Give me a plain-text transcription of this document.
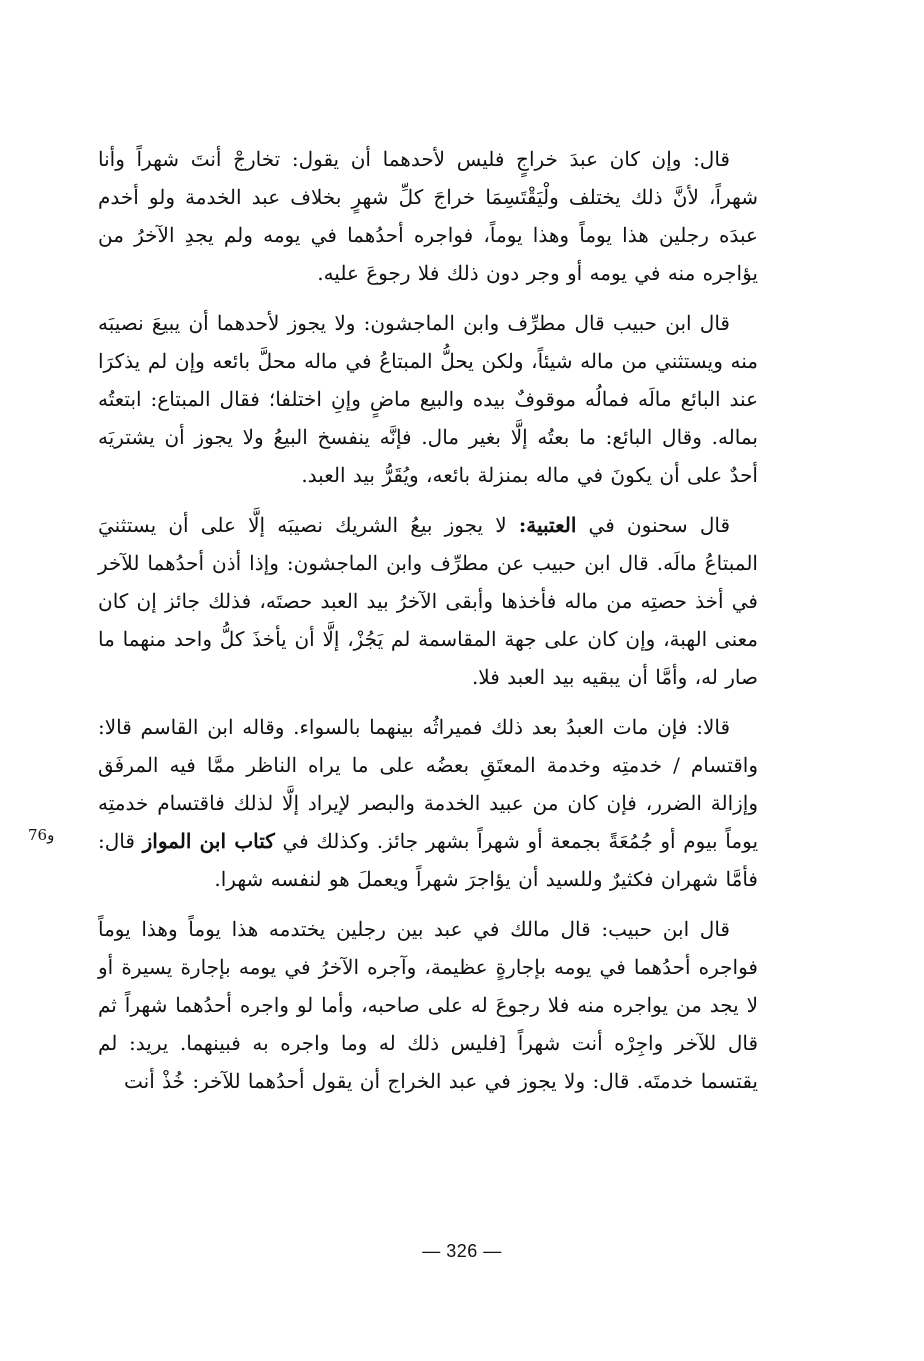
قال: وإن كان عبدَ خراجٍ فليس لأحدهما أن يقول: تخارجْ أنتَ شهراً وأنا شهراً، لأنَّ ذلك يختلف ولْيَقْتَسِمَا خراجَ كلِّ شهرٍ بخلاف عبد الخدمة ولو أخدم عبدَه رجلين هذا يوماً وهذا يوماً، فواجره أحدُهما في يومه ولم يجدِ الآخرُ من يؤاجره منه في يومه أو وجر دون ذلك فلا رجوعَ عليه.

قال ابن حبيب قال مطرِّف وابن الماجشون: ولا يجوز لأحدهما أن يبيعَ نصيبَه منه ويستثني من ماله شيئاً، ولكن يحلُّ المبتاعُ في ماله محلَّ بائعه وإن لم يذكرَا عند البائع مالَه فمالُه موقوفٌ بيده والبيع ماضٍ وإنِ اختلفا؛ فقال المبتاع: ابتعتُه بماله. وقال البائع: ما بعتُه إلَّا بغير مال. فإنَّه ينفسخ البيعُ ولا يجوز أن يشتريَه أحدٌ على أن يكونَ في ماله بمنزلة بائعه، ويُقَرُّ بيد العبد.

قال سحنون في العتبية: لا يجوز بيعُ الشريك نصيبَه إلَّا على أن يستثنيَ المبتاعُ مالَه. قال ابن حبيب عن مطرِّف وابن الماجشون: وإذا أذن أحدُهما للآخر في أخذ حصتِه من ماله فأخذها وأبقى الآخرُ بيد العبد حصتَه، فذلك جائز إن كان معنى الهبة، وإن كان على جهة المقاسمة لم يَجُزْ، إلَّا أن يأخذَ كلُّ واحد منهما ما صار له، وأمَّا أن يبقيه بيد العبد فلا.

قالا: فإن مات العبدُ بعد ذلك فميراثُه بينهما بالسواء. وقاله ابن القاسم قالا: واقتسام / خدمتِه وخدمة المعتَقِ بعضُه على ما يراه الناظر ممَّا فيه المرفَق وإزالة الضرر، فإن كان من عبيد الخدمة والبصر لإيراد إلَّا لذلك فاقتسام خدمتِه يوماً بيوم أو جُمُعَةً بجمعة أو شهراً بشهر جائز. وكذلك في كتاب ابن المواز قال: فأمَّا شهران فكثيرٌ وللسيد أن يؤاجرَ شهراً ويعملَ هو لنفسه شهرا.

قال ابن حبيب: قال مالك في عبد بين رجلين يختدمه هذا يوماً وهذا يوماً فواجره أحدُهما في يومه بإجارةٍ عظيمة، وآجره الآخرُ في يومه بإجارة يسيرة أو لا يجد من يواجره منه فلا رجوعَ له على صاحبه، وأما لو واجره أحدُهما شهراً ثم قال للآخر واجِرْه أنت شهراً [فليس ذلك له وما واجره به فبينهما. يريد: لم يقتسما خدمتَه. قال: ولا يجوز في عبد الخراج أن يقول أحدُهما للآخر: خُذْ أنت

76و
— 326 —
